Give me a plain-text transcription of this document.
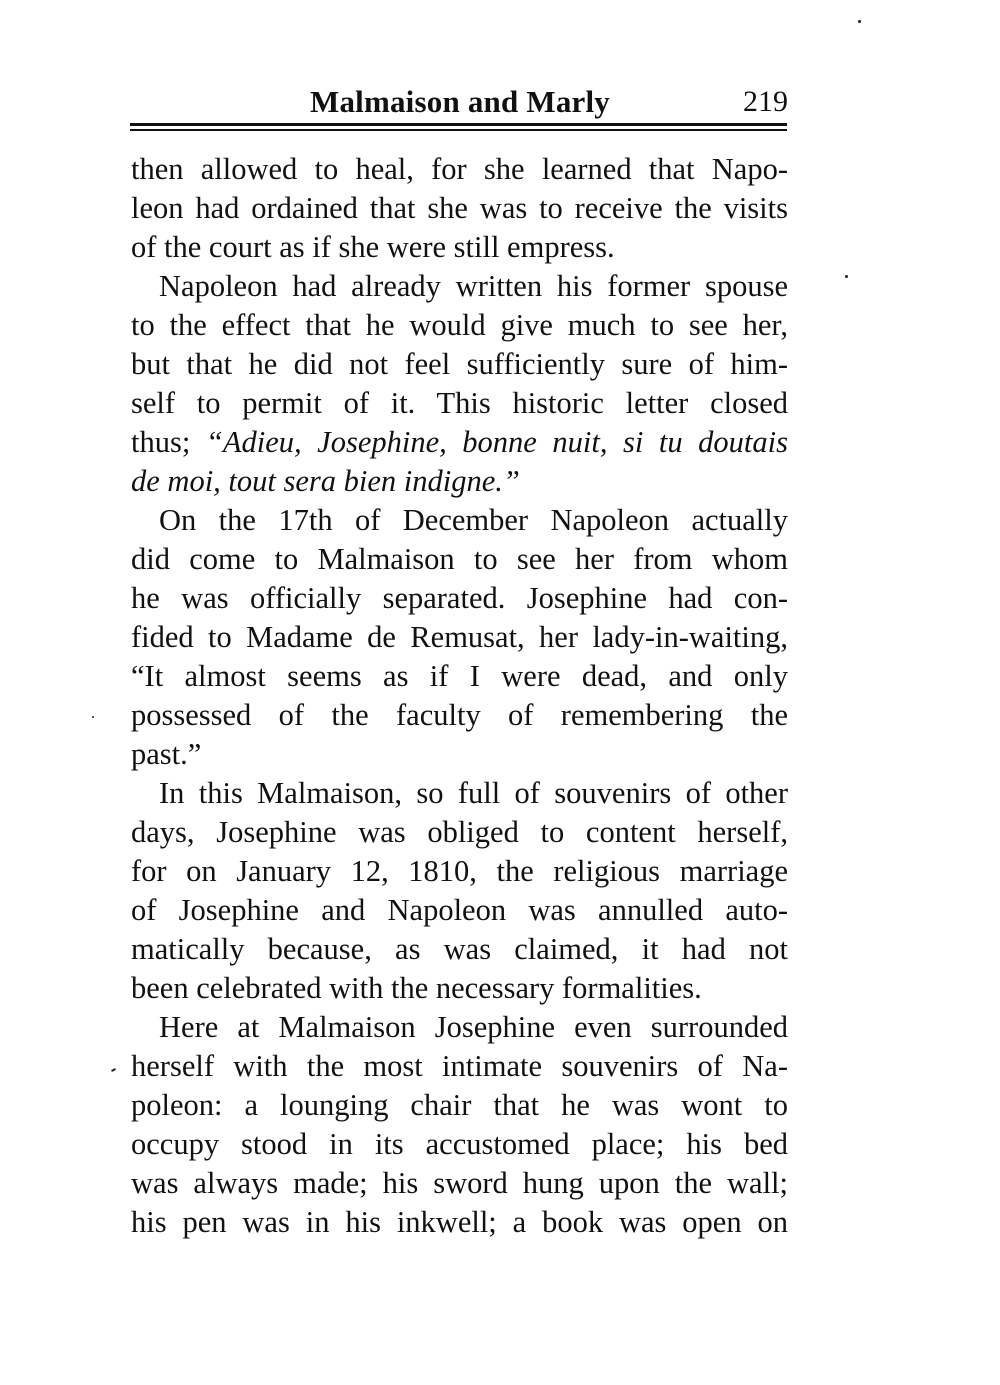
Malmaison and Marly	219

then allowed to heal, for she learned that Napo-
leon had ordained that she was to receive the visits
of the court as if she were still empress.

Napoleon had already written his former spouse
to the effect that he would give much to see her,
but that he did not feel sufficiently sure of him-
self to permit of it. This historic letter closed
thus; “Adieu, Josephine, bonne nuit, si tu doutais
de moi, tout sera bien indigne.”

On the 17th of December Napoleon actually
did come to Malmaison to see her from whom
he was officially separated. Josephine had con-
fided to Madame de Remusat, her lady-in-waiting,
“It almost seems as if I were dead, and only
possessed of the faculty of remembering the
past.”

In this Malmaison, so full of souvenirs of other
days, Josephine was obliged to content herself,
for on January 12, 1810, the religious marriage
of Josephine and Napoleon was annulled auto-
matically because, as was claimed, it had not
been celebrated with the necessary formalities.

Here at Malmaison Josephine even surrounded
herself with the most intimate souvenirs of Na-
poleon: a lounging chair that he was wont to
occupy stood in its accustomed place; his bed
was always made; his sword hung upon the wall;
his pen was in his inkwell; a book was open on
